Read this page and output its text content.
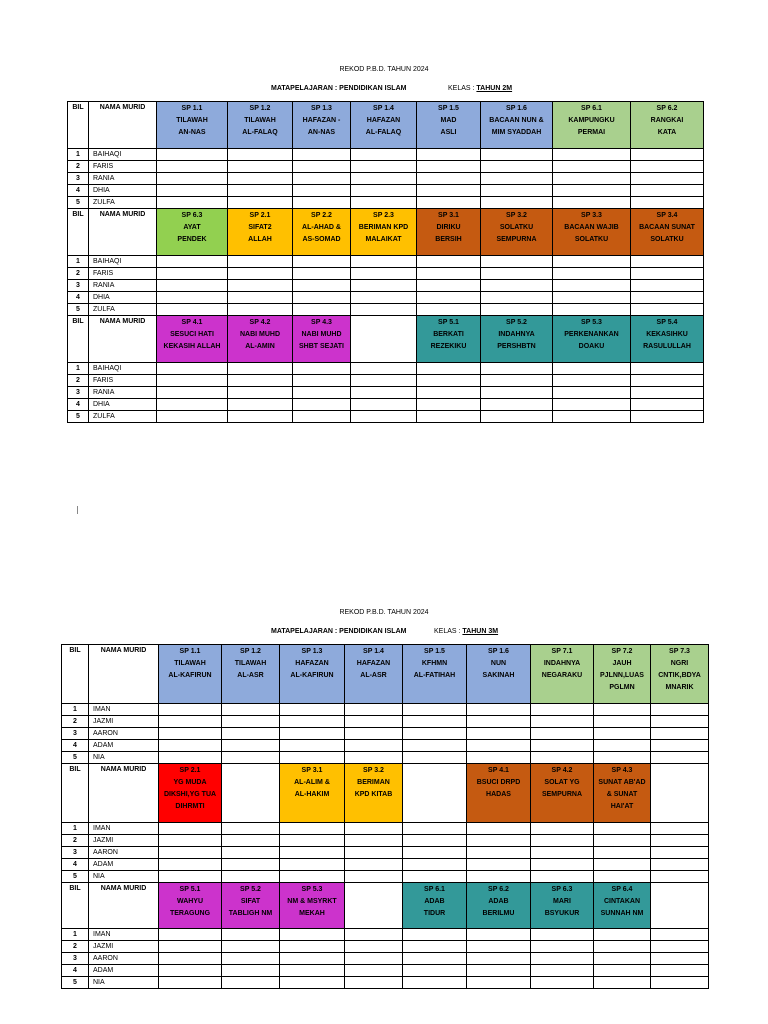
REKOD P.B.D. TAHUN 2024
MATAPELAJARAN : PENDIDIKAN ISLAM	KELAS : TAHUN 2M
BIL	NAMA MURID	SP 1.1
TILAWAH
AN-NAS	SP 1.2
TILAWAH
AL-FALAQ	SP 1.3
HAFAZAN -
AN-NAS	SP 1.4
HAFAZAN
AL-FALAQ	SP 1.5
MAD
ASLI	SP 1.6
BACAAN NUN &
MIM SYADDAH	SP 6.1
KAMPUNGKU
PERMAI	SP 6.2
RANGKAI
KATA

1	BAIHAQI								
2	FARIS								
3	RANIA								
4	DHIA								
5	ZULFA								
BIL	NAMA MURID	SP 6.3
AYAT
PENDEK	SP 2.1
SIFAT2
ALLAH	SP 2.2
AL-AHAD &
AS-SOMAD	SP 2.3
BERIMAN KPD
MALAIKAT	SP 3.1
DIRIKU
BERSIH	SP 3.2
SOLATKU
SEMPURNA	SP 3.3
BACAAN WAJIB
SOLATKU	SP 3.4
BACAAN SUNAT
SOLATKU

1	BAIHAQI								
2	FARIS								
3	RANIA								
4	DHIA								
5	ZULFA								
BIL	NAMA MURID	SP 4.1
SESUCI HATI
KEKASIH ALLAH	SP 4.2
NABI MUHD
AL-AMIN	SP 4.3
NABI MUHD
SHBT SEJATI		SP 5.1
BERKATI
REZEKIKU	SP 5.2
INDAHNYA
PERSHBTN	SP 5.3
PERKENANKAN
DOAKU	SP 5.4
KEKASIHKU
RASULULLAH

1	BAIHAQI								
2	FARIS								
3	RANIA								
4	DHIA								
5	ZULFA								
REKOD P.B.D. TAHUN 2024
MATAPELAJARAN : PENDIDIKAN ISLAM	KELAS : TAHUN 3M
BIL	NAMA MURID	SP 1.1
TILAWAH
AL-KAFIRUN	SP 1.2
TILAWAH
AL-ASR	SP 1.3
HAFAZAN
AL-KAFIRUN	SP 1.4
HAFAZAN
AL-ASR	SP 1.5
KFHMN
AL-FATIHAH	SP 1.6
NUN
SAKINAH	SP 7.1
INDAHNYA
NEGARAKU	SP 7.2
JAUH
PJLNN,LUAS
PGLMN	SP 7.3
NGRI
CNTIK,BDYA
MNARIK

1	IMAN									
2	JAZMI									
3	AARON									
4	ADAM									
5	NIA									
BIL	NAMA MURID	SP 2.1
YG MUDA
DIKSHI,YG TUA
DIHRMTI		SP 3.1
AL-ALIM &
AL-HAKIM	SP 3.2
BERIMAN
KPD KITAB		SP 4.1
BSUCI DRPD
HADAS	SP 4.2
SOLAT YG
SEMPURNA	SP 4.3
SUNAT AB'AD
& SUNAT
HAI'AT	

1	IMAN									
2	JAZMI									
3	AARON									
4	ADAM									
5	NIA									
BIL	NAMA MURID	SP 5.1
WAHYU
TERAGUNG	SP 5.2
SIFAT
TABLIGH NM	SP 5.3
NM & MSYRKT
MEKAH		SP 6.1
ADAB
TIDUR	SP 6.2
ADAB
BERILMU	SP 6.3
MARI
BSYUKUR	SP 6.4
CINTAKAN
SUNNAH NM	

1	IMAN									
2	JAZMI									
3	AARON									
4	ADAM									
5	NIA									
